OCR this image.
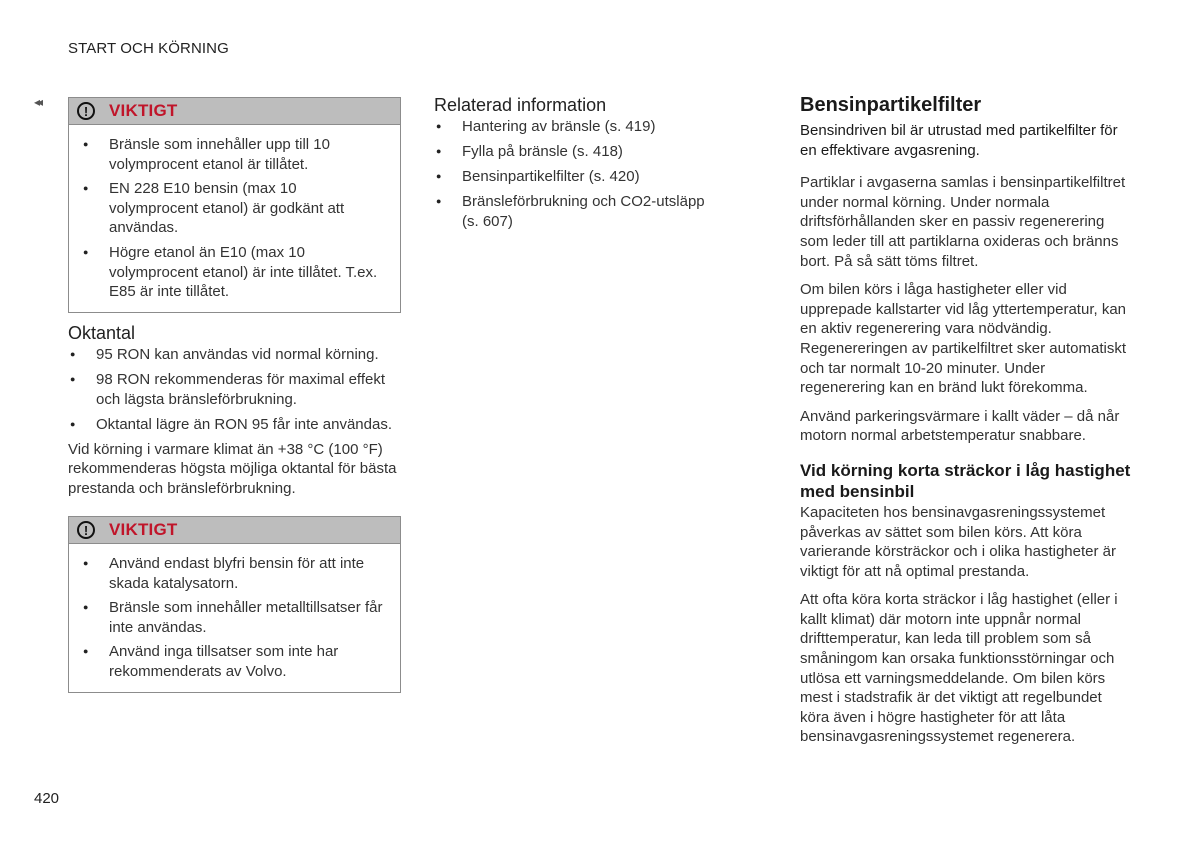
START OCH KÖRNING
◂◂
!	VIKTIGT
● Bränsle som innehåller upp till 10 volymprocent etanol är tillåtet.
● EN 228 E10 bensin (max 10 volymprocent etanol) är godkänt att användas.
● Högre etanol än E10 (max 10 volymprocent etanol) är inte tillåtet. T.ex. E85 är inte tillåtet.
Oktantal
● 95 RON kan användas vid normal körning.
● 98 RON rekommenderas för maximal effekt och lägsta bränsleförbrukning.
● Oktantal lägre än RON 95 får inte användas.

Vid körning i varmare klimat än +38 °C (100 °F) rekommenderas högsta möjliga oktantal för bästa prestanda och bränsleförbrukning.

!	VIKTIGT
● Använd endast blyfri bensin för att inte skada katalysatorn.
● Bränsle som innehåller metalltillsatser får inte användas.
● Använd inga tillsatser som inte har rekommenderats av Volvo.
Relaterad information
● Hantering av bränsle (s. 419)
● Fylla på bränsle (s. 418)
● Bensinpartikelfilter (s. 420)
● Bränsleförbrukning och CO2-utsläpp (s. 607)
Bensinpartikelfilter
Bensindriven bil är utrustad med partikelfilter för en effektivare avgasrening.

Partiklar i avgaserna samlas i bensinpartikelfiltret under normal körning. Under normala driftsförhållanden sker en passiv regenerering som leder till att partiklarna oxideras och bränns bort. På så sätt töms filtret.

Om bilen körs i låga hastigheter eller vid upprepade kallstarter vid låg yttertemperatur, kan en aktiv regenerering vara nödvändig. Regenereringen av partikelfiltret sker automatiskt och tar normalt 10-20 minuter. Under regenerering kan en bränd lukt förekomma.

Använd parkeringsvärmare i kallt väder – då når motorn normal arbetstemperatur snabbare.

Vid körning korta sträckor i låg hastighet med bensinbil

Kapaciteten hos bensinavgasreningssystemet påverkas av sättet som bilen körs. Att köra varierande körsträckor och i olika hastigheter är viktigt för att nå optimal prestanda.

Att ofta köra korta sträckor i låg hastighet (eller i kallt klimat) där motorn inte uppnår normal drifttemperatur, kan leda till problem som så småningom kan orsaka funktionsstörningar och utlösa ett varningsmeddelande. Om bilen körs mest i stadstrafik är det viktigt att regelbundet köra även i högre hastigheter för att låta bensinavgasreningssystemet regenerera.

420
